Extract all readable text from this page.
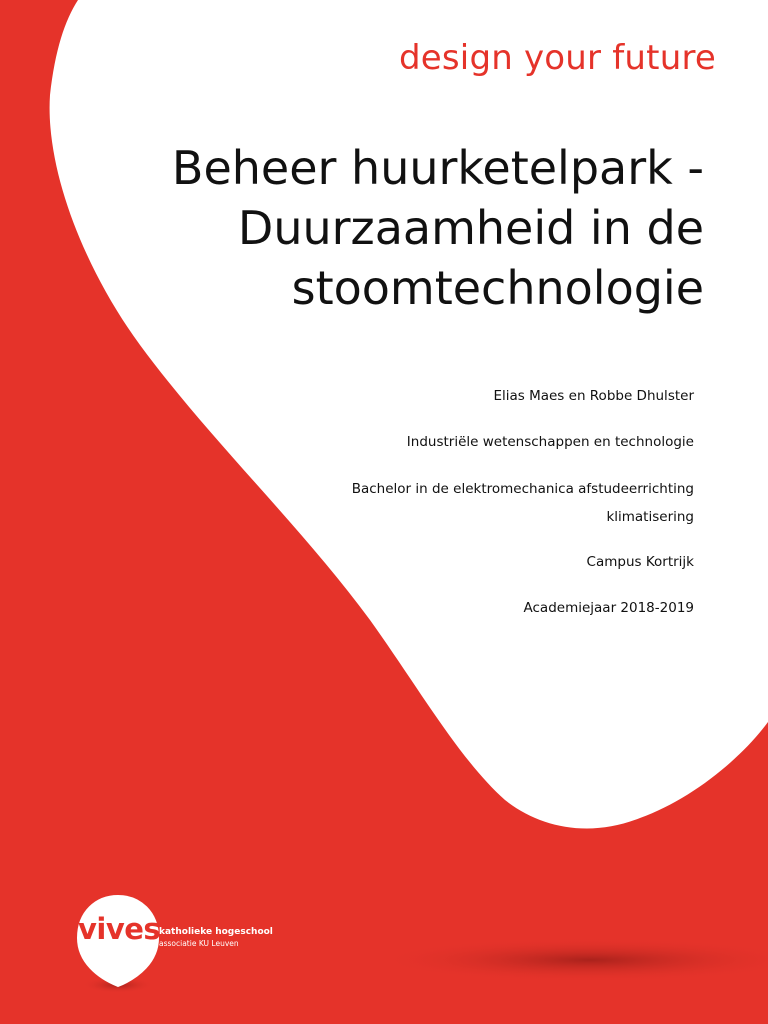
design your future
Beheer huurketelpark -
Duurzaamheid in de
stoomtechnologie
Elias Maes en Robbe Dhulster
Industriële wetenschappen en technologie
Bachelor in de elektromechanica afstudeerrichting
klimatisering
Campus Kortrijk
Academiejaar 2018-2019
vives
katholieke hogeschool
associatie KU Leuven
